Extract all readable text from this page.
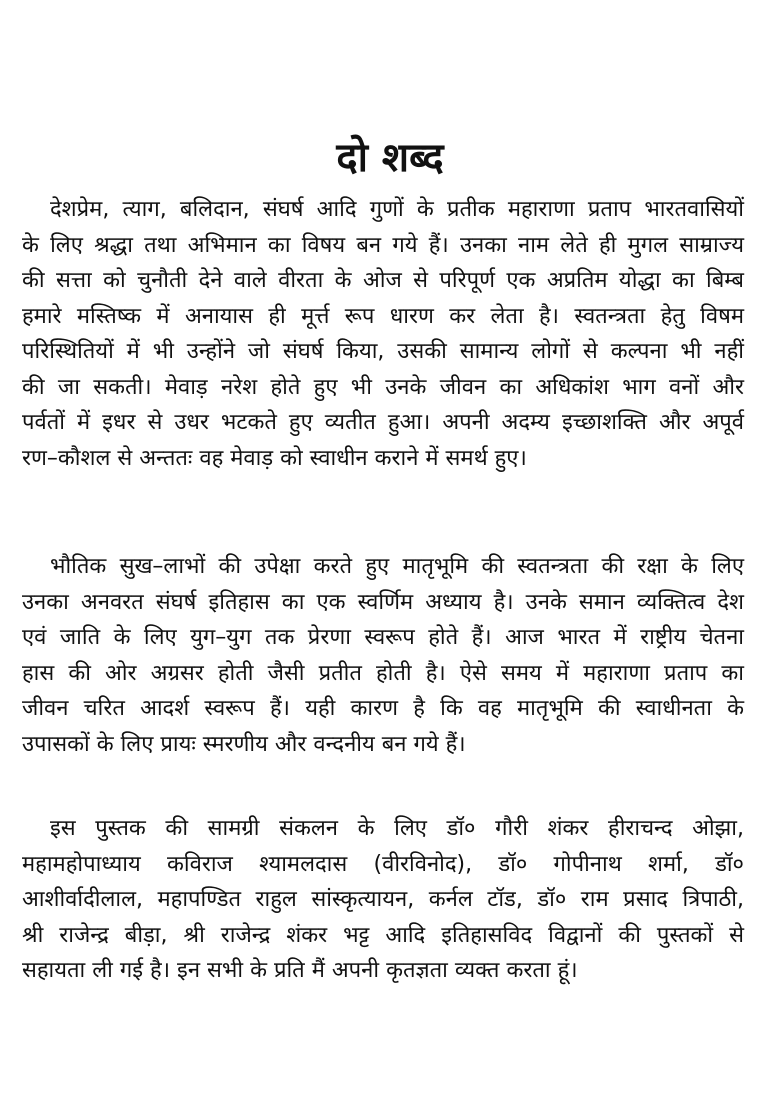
दो शब्द
देशप्रेम, त्याग, बलिदान, संघर्ष आदि गुणों के प्रतीक महाराणा प्रताप भारतवासियों
के लिए श्रद्धा तथा अभिमान का विषय बन गये हैं। उनका नाम लेते ही मुगल साम्राज्य
की सत्ता को चुनौती देने वाले वीरता के ओज से परिपूर्ण एक अप्रतिम योद्धा का बिम्ब
हमारे मस्तिष्क में अनायास ही मूर्त्त रूप धारण कर लेता है। स्वतन्त्रता हेतु विषम
परिस्थितियों में भी उन्होंने जो संघर्ष किया, उसकी सामान्य लोगों से कल्पना भी नहीं
की जा सकती। मेवाड़ नरेश होते हुए भी उनके जीवन का अधिकांश भाग वनों और
पर्वतों में इधर से उधर भटकते हुए व्यतीत हुआ। अपनी अदम्य इच्छाशक्ति और अपूर्व
रण–कौशल से अन्ततः वह मेवाड़ को स्वाधीन कराने में समर्थ हुए।
भौतिक सुख–लाभों की उपेक्षा करते हुए मातृभूमि की स्वतन्त्रता की रक्षा के लिए
उनका अनवरत संघर्ष इतिहास का एक स्वर्णिम अध्याय है। उनके समान व्यक्तित्व देश
एवं जाति के लिए युग–युग तक प्रेरणा स्वरूप होते हैं। आज भारत में राष्ट्रीय चेतना
हास की ओर अग्रसर होती जैसी प्रतीत होती है। ऐसे समय में महाराणा प्रताप का
जीवन चरित आदर्श स्वरूप हैं। यही कारण है कि वह मातृभूमि की स्वाधीनता के
उपासकों के लिए प्रायः स्मरणीय और वन्दनीय बन गये हैं।
इस पुस्तक की सामग्री संकलन के लिए डॉ० गौरी शंकर हीराचन्द ओझा,
महामहोपाध्याय कविराज श्यामलदास (वीरविनोद), डॉ० गोपीनाथ शर्मा, डॉ०
आशीर्वादीलाल, महापण्डित राहुल सांस्कृत्यायन, कर्नल टॉड, डॉ० राम प्रसाद त्रिपाठी,
श्री राजेन्द्र बीड़ा, श्री राजेन्द्र शंकर भट्ट आदि इतिहासविद विद्वानों की पुस्तकों से
सहायता ली गई है। इन सभी के प्रति मैं अपनी कृतज्ञता व्यक्त करता हूं।
